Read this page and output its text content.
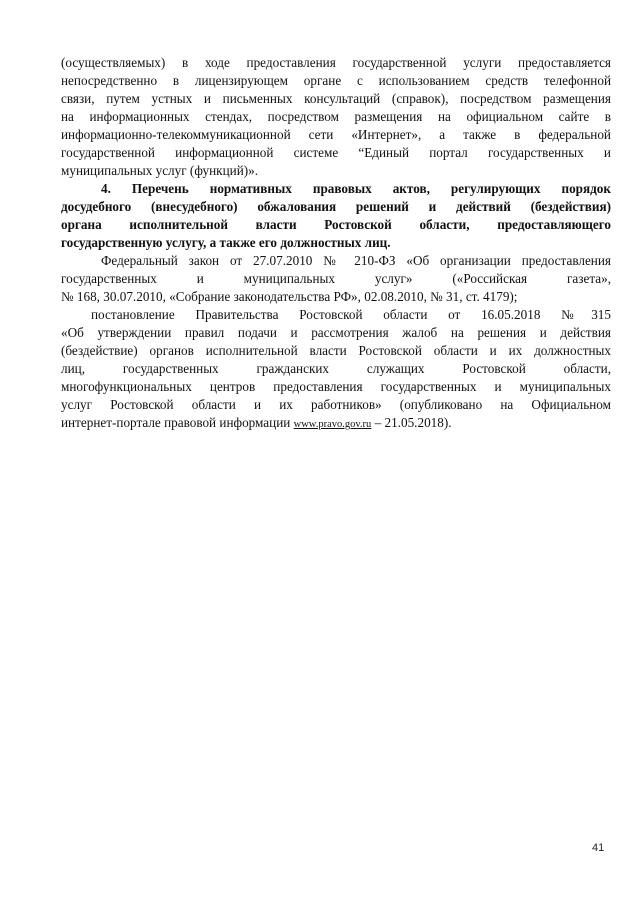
(осуществляемых) в ходе предоставления государственной услуги предоставляется
непосредственно в лицензирующем органе с использованием средств телефонной
связи, путем устных и письменных консультаций (справок), посредством размещения
на информационных стендах, посредством размещения на официальном сайте в
информационно-телекоммуникационной сети «Интернет», а также в федеральной
государственной информационной системе “Единый портал государственных и
муниципальных услуг (функций)».
4. Перечень нормативных правовых актов, регулирующих порядок
досудебного (внесудебного) обжалования решений и действий (бездействия)
органа исполнительной власти Ростовской области, предоставляющего
государственную услугу, а также его должностных лиц.
Федеральный закон от 27.07.2010 № 210-ФЗ «Об организации предоставления
государственных и муниципальных услуг» («Российская газета»,
№ 168, 30.07.2010, «Собрание законодательства РФ», 02.08.2010, № 31, ст. 4179);
постановление Правительства Ростовской области от 16.05.2018 №315
«Об утверждении правил подачи и рассмотрения жалоб на решения и действия
(бездействие) органов исполнительной власти Ростовской области и их должностных
лиц, государственных гражданских служащих Ростовской области,
многофункциональных центров предоставления государственных и муниципальных
услуг Ростовской области и их работников» (опубликовано на Официальном
интернет-портале правовой информации www.pravo.gov.ru – 21.05.2018).
41
